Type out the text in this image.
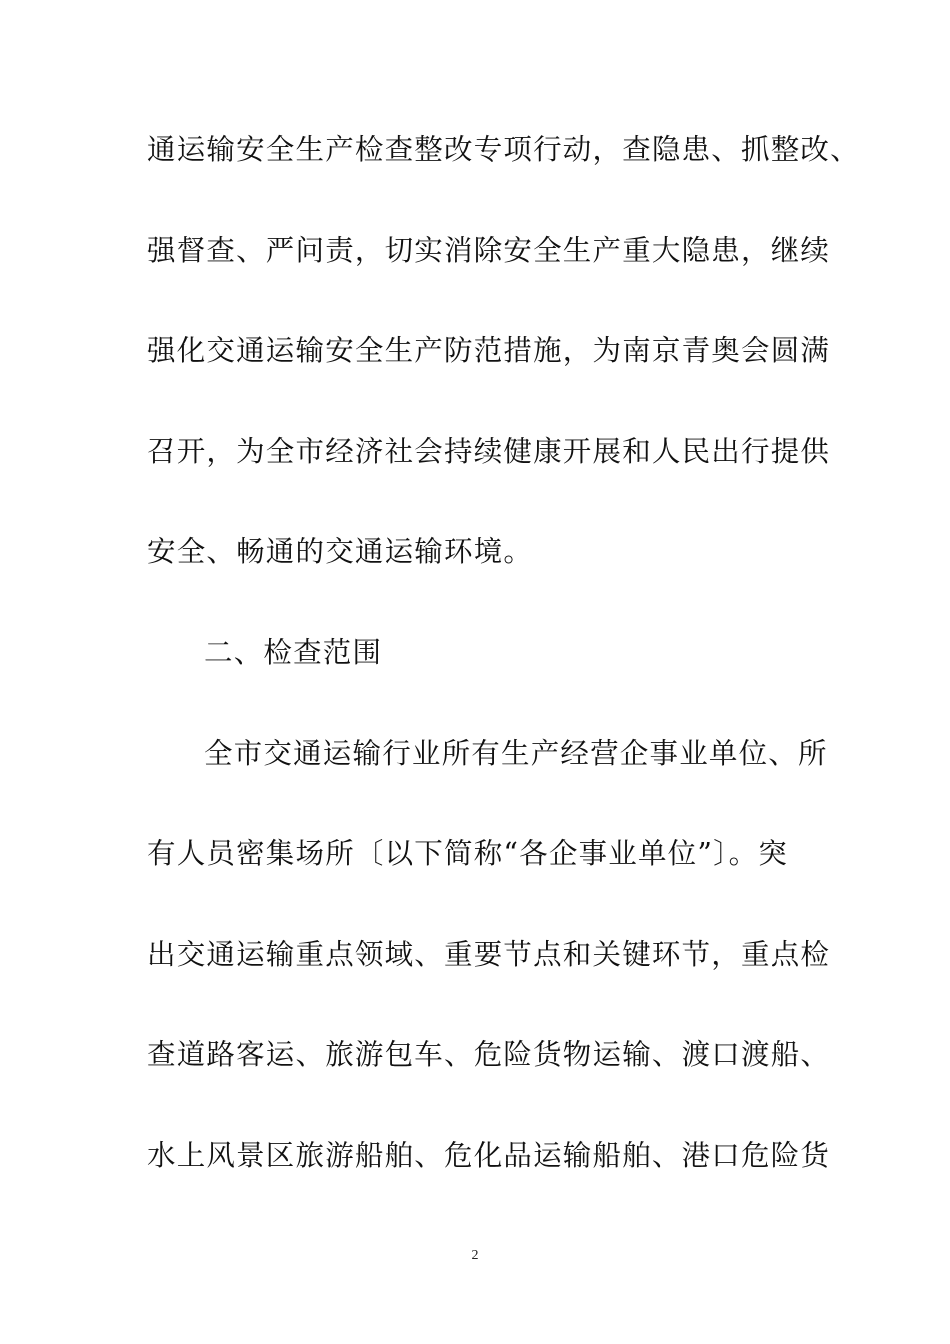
通运输安全生产检查整改专项行动，查隐患、抓整改、
强督查、严问责，切实消除安全生产重大隐患，继续
强化交通运输安全生产防范措施，为南京青奥会圆满
召开，为全市经济社会持续健康开展和人民出行提供
安全、畅通的交通运输环境。
二、检查范围
全市交通运输行业所有生产经营企事业单位、所
有人员密集场所〔以下简称“各企事业单位”〕。突
出交通运输重点领域、重要节点和关键环节，重点检
查道路客运、旅游包车、危险货物运输、渡口渡船、
水上风景区旅游船舶、危化品运输船舶、港口危险货
2
